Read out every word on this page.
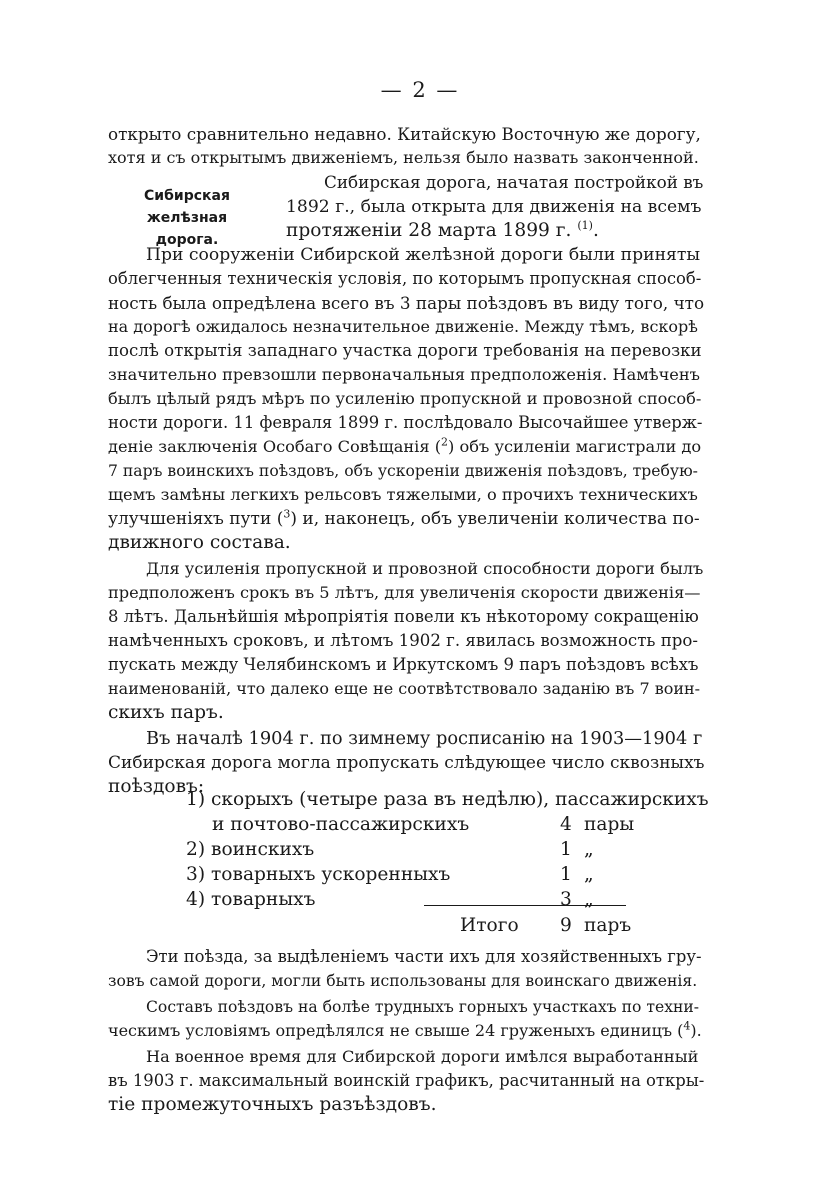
— 2 —
открыто сравнительно недавно. Китайскую Восточную же дорогу,
хотя и съ открытымъ движеніемъ, нельзя было назвать законченной.
Сибирская желѣзная
дорога.
Сибирская дорога, начатая постройкой въ
1892 г., была открыта для движенія на всемъ
протяженіи 28 марта 1899 г. $^{(1)}$.
При сооруженіи Сибирской желѣзной дороги были приняты
облегченныя техническія условія, по которымъ пропускная способ-
ность была опредѣлена всего въ 3 пары поѣздовъ въ виду того, что
на дорогѣ ожидалось незначительное движеніе. Между тѣмъ, вскорѣ
послѣ открытія западнаго участка дороги требованія на перевозки
значительно превзошли первоначальныя предположенія. Намѣченъ
былъ цѣлый рядъ мѣръ по усиленію пропускной и провозной способ-
ности дороги. 11 февраля 1899 г. послѣдовало Высочайшее утверж-
деніе заключенія Особаго Совѣщанія ($^2$) объ усиленіи магистрали до
7 паръ воинскихъ поѣздовъ, объ ускореніи движенія поѣздовъ, требую-
щемъ замѣны легкихъ рельсовъ тяжелыми, о прочихъ техническихъ
улучшеніяхъ пути ($^3$) и, наконецъ, объ увеличеніи количества по-
движного состава.
Для усиленія пропускной и провозной способности дороги былъ
предположенъ срокъ въ 5 лѣтъ, для увеличенія скорости движенія—
8 лѣтъ. Дальнѣйшія мѣропріятія повели къ нѣкоторому сокращенію
намѣченныхъ сроковъ, и лѣтомъ 1902 г. явилась возможность про-
пускать между Челябинскомъ и Иркутскомъ 9 паръ поѣздовъ всѣхъ
наименованій, что далеко еще не соотвѣтствовало заданію въ 7 воин-
скихъ паръ.
Въ началѣ 1904 г. по зимнему росписанію на 1903—1904 г
Сибирская дорога могла пропускать слѣдующее число сквозныхъ
поѣздовъ:
1) скорыхъ (четыре раза въ недѣлю), пассажирскихъ
и почтово-пассажирскихъ	4 пары
2) воинскихъ	1 „
3) товарныхъ ускоренныхъ	1 „
4) товарныхъ	3 „
Итого 9 паръ
Эти поѣзда, за выдѣленіемъ части ихъ для хозяйственныхъ гру-
зовъ самой дороги, могли быть использованы для воинскаго движенія.
Составъ поѣздовъ на болѣе трудныхъ горныхъ участкахъ по техни-
ческимъ условіямъ опредѣлялся не свыше 24 груженыхъ единицъ ($^4$).
На военное время для Сибирской дороги имѣлся выработанный
въ 1903 г. максимальный воинскій графикъ, расчитанный на откры-
тіе промежуточныхъ разъѣздовъ.
